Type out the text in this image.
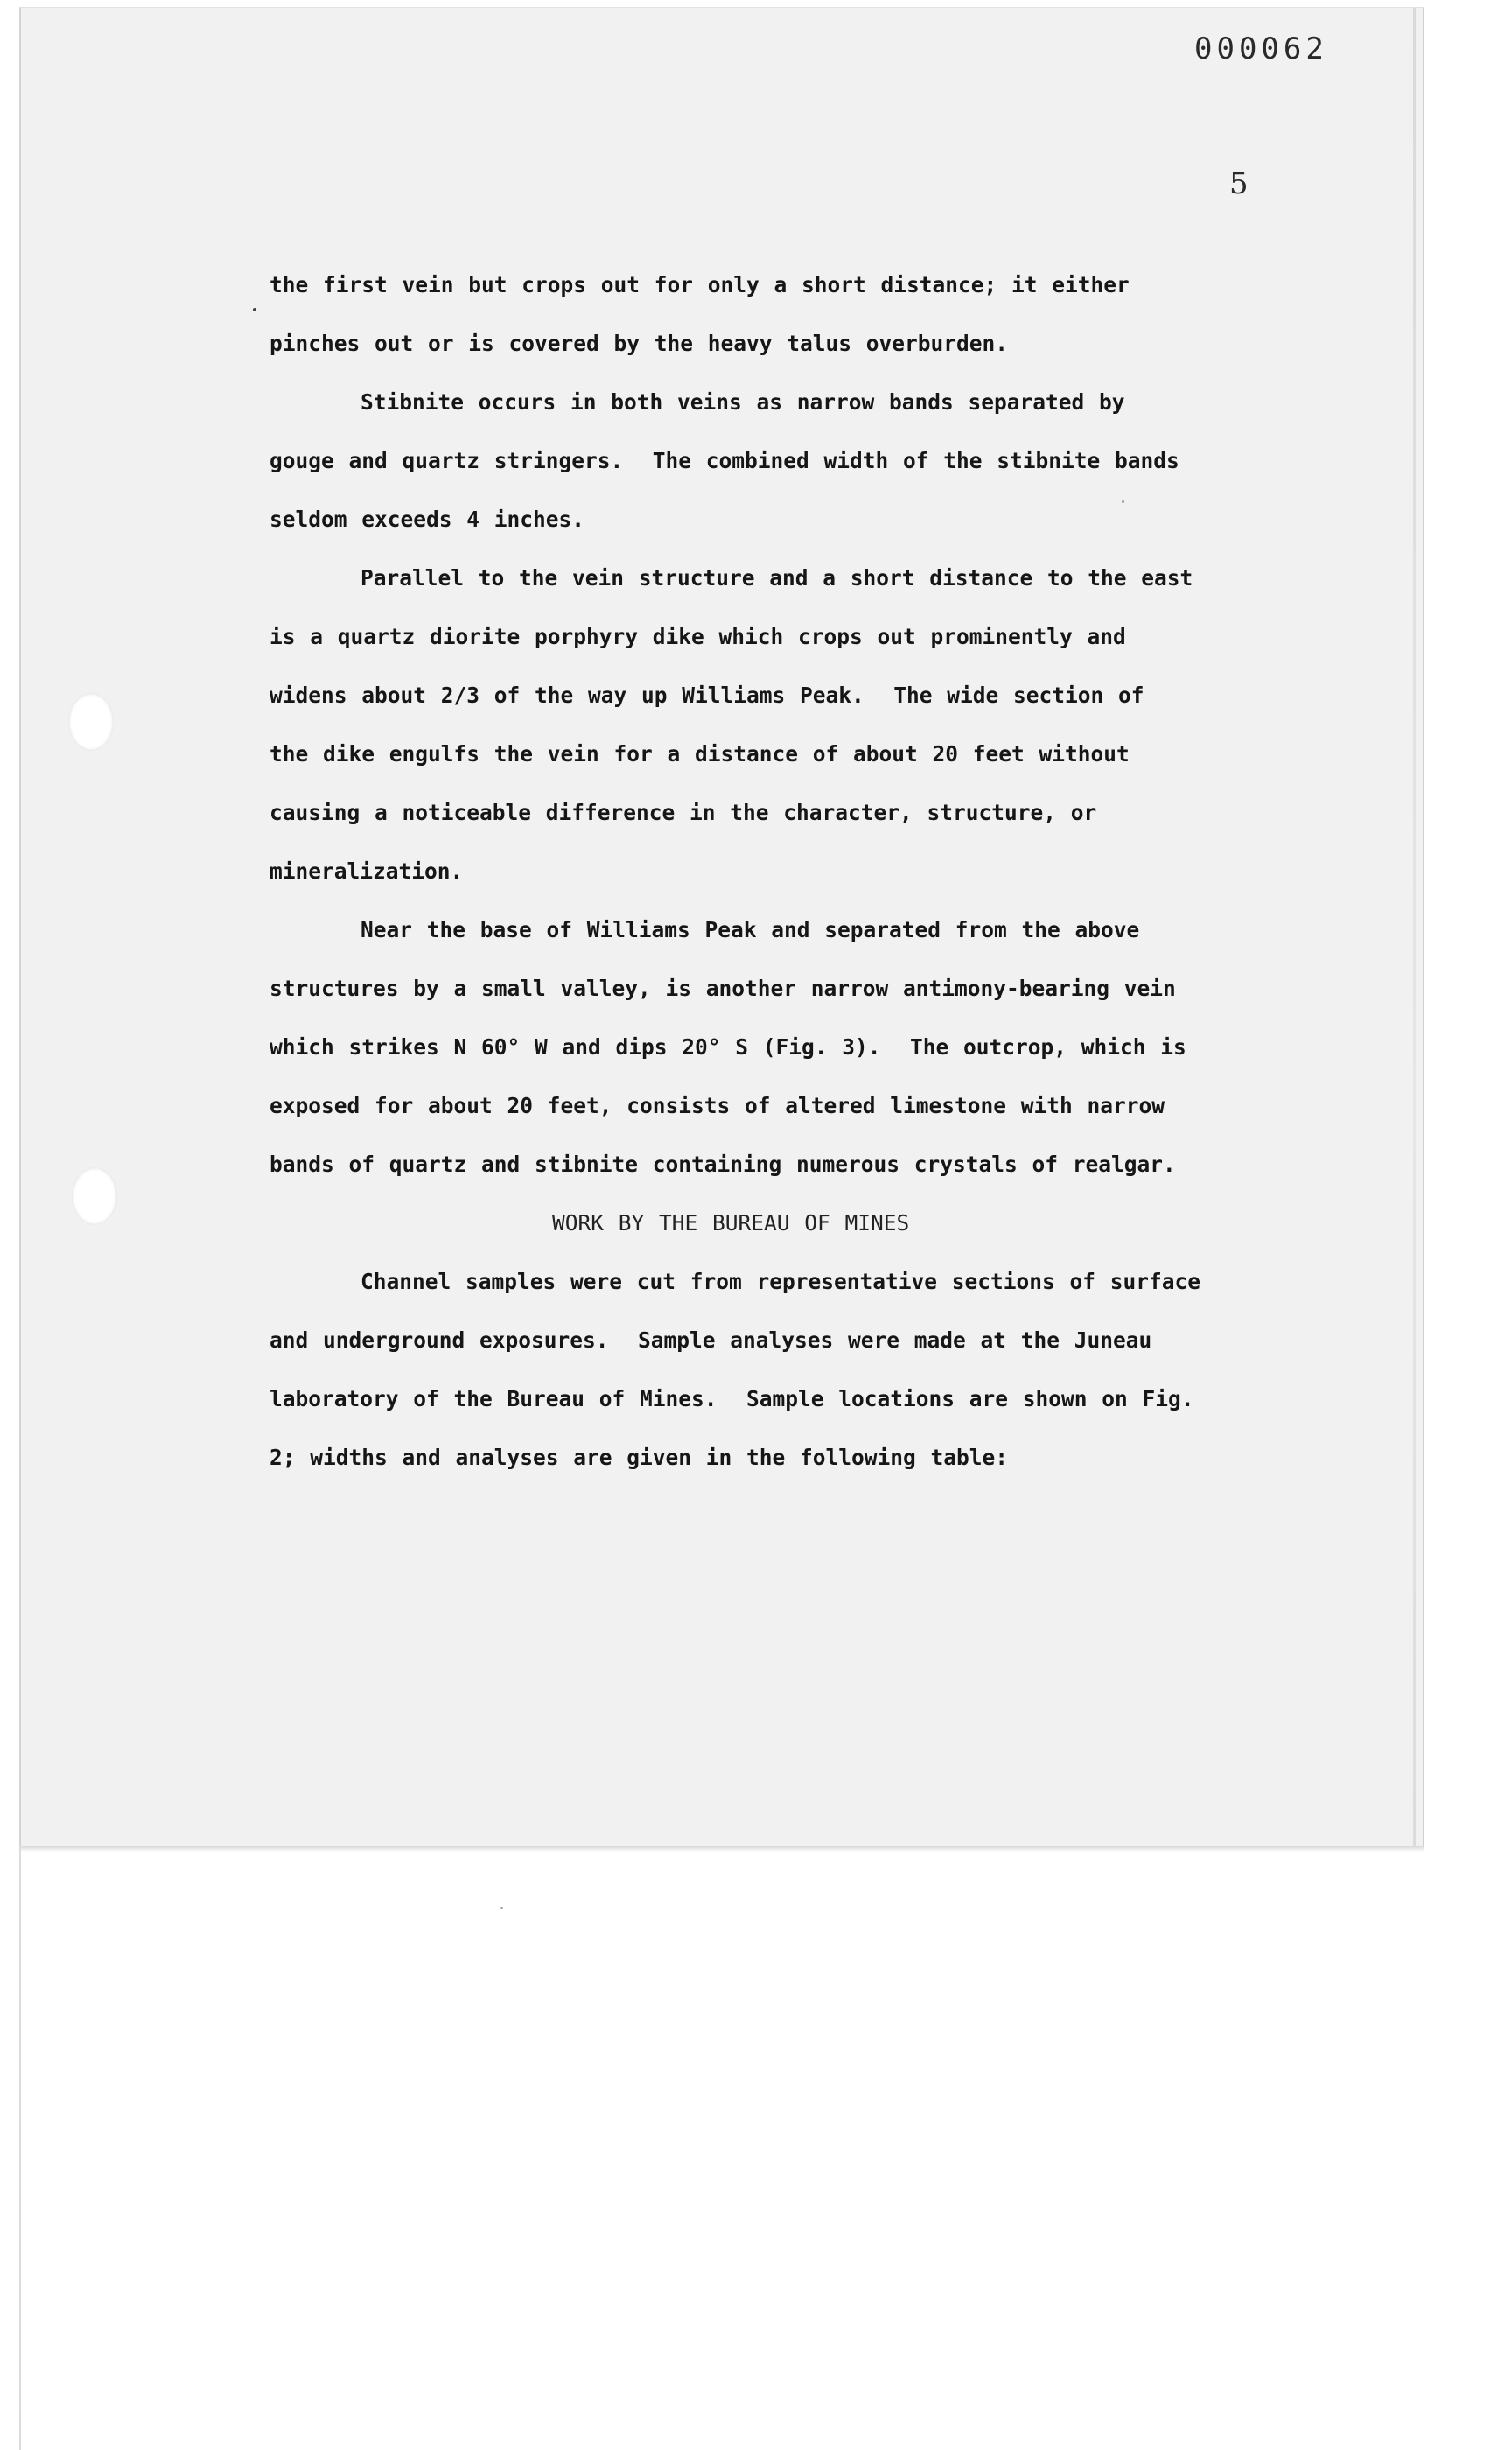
000062
5
the first vein but crops out for only a short distance; it either
pinches out or is covered by the heavy talus overburden.
Stibnite occurs in both veins as narrow bands separated by
gouge and quartz stringers.  The combined width of the stibnite bands
seldom exceeds 4 inches.
Parallel to the vein structure and a short distance to the east
is a quartz diorite porphyry dike which crops out prominently and
widens about 2/3 of the way up Williams Peak.  The wide section of
the dike engulfs the vein for a distance of about 20 feet without
causing a noticeable difference in the character, structure, or
mineralization.
Near the base of Williams Peak and separated from the above
structures by a small valley, is another narrow antimony-bearing vein
which strikes N 60° W and dips 20° S (Fig. 3).  The outcrop, which is
exposed for about 20 feet, consists of altered limestone with narrow
bands of quartz and stibnite containing numerous crystals of realgar.
WORK BY THE BUREAU OF MINES
Channel samples were cut from representative sections of surface
and underground exposures.  Sample analyses were made at the Juneau
laboratory of the Bureau of Mines.  Sample locations are shown on Fig.
2; widths and analyses are given in the following table:
